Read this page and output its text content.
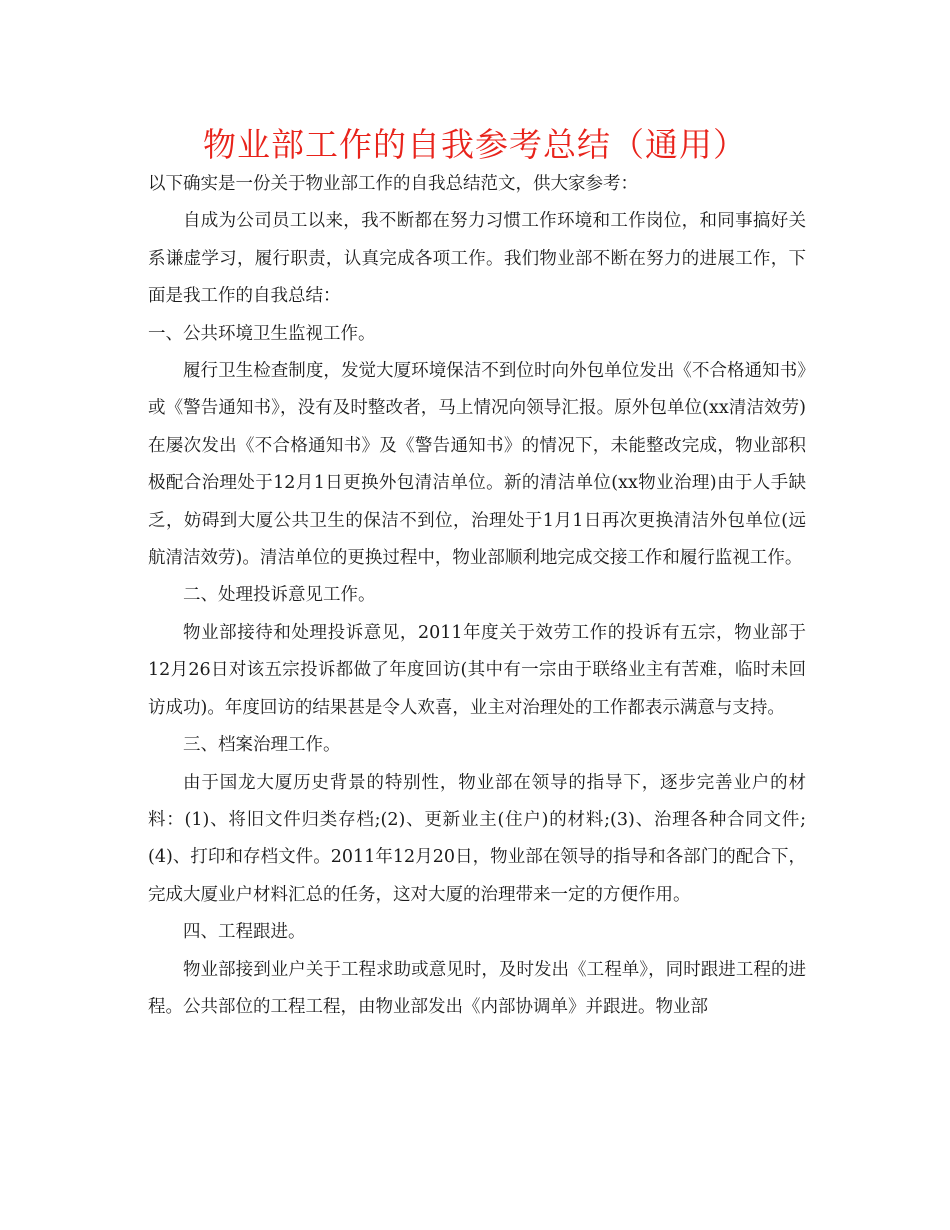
物业部工作的自我参考总结（通用）

以下确实是一份关于物业部工作的自我总结范文，供大家参考：

自成为公司员工以来，我不断都在努力习惯工作环境和工作岗位，和同事搞好关系谦虚学习，履行职责，认真完成各项工作。我们物业部不断在努力的进展工作，下面是我工作的自我总结：

一、公共环境卫生监视工作。

履行卫生检查制度，发觉大厦环境保洁不到位时向外包单位发出《不合格通知书》或《警告通知书》，没有及时整改者，马上情况向领导汇报。原外包单位(xx清洁效劳)在屡次发出《不合格通知书》及《警告通知书》的情况下，未能整改完成，物业部积极配合治理处于12月1日更换外包清洁单位。新的清洁单位(xx物业治理)由于人手缺乏，妨碍到大厦公共卫生的保洁不到位，治理处于1月1日再次更换清洁外包单位(远航清洁效劳)。清洁单位的更换过程中，物业部顺利地完成交接工作和履行监视工作。

二、处理投诉意见工作。

物业部接待和处理投诉意见，2011年度关于效劳工作的投诉有五宗，物业部于12月26日对该五宗投诉都做了年度回访(其中有一宗由于联络业主有苦难，临时未回访成功)。年度回访的结果甚是令人欢喜，业主对治理处的工作都表示满意与支持。

三、档案治理工作。

由于国龙大厦历史背景的特别性，物业部在领导的指导下，逐步完善业户的材料：(1)、将旧文件归类存档;(2)、更新业主(住户)的材料;(3)、治理各种合同文件;(4)、打印和存档文件。2011年12月20日，物业部在领导的指导和各部门的配合下，完成大厦业户材料汇总的任务，这对大厦的治理带来一定的方便作用。

四、工程跟进。

物业部接到业户关于工程求助或意见时，及时发出《工程单》，同时跟进工程的进程。公共部位的工程工程，由物业部发出《内部协调单》并跟进。物业部
